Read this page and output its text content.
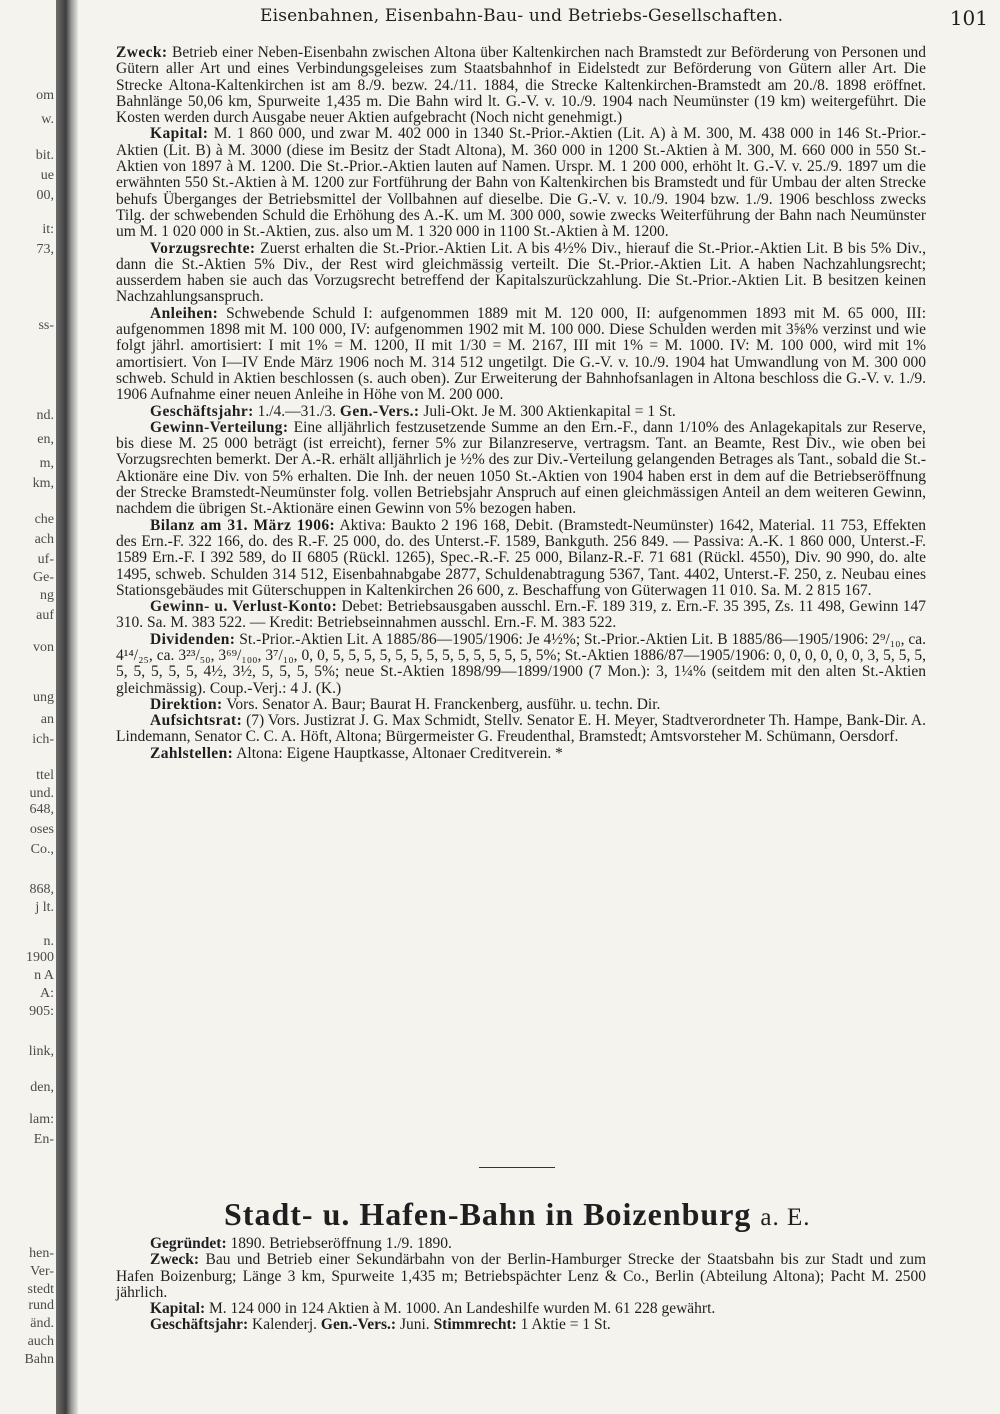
om
w.
bit.
ue
00,
it:
73,
ss-
nd.
en,
m,
km,
che
ach
uf-
Ge-
ng
auf
von
ung
an
ich-
ttel
und.
648,
oses
Co.,
868,
j lt.
n.
1900
n A
A:
905:
link,
den,
lam:
En-
hen-
Ver-
stedt
rund
änd.
auch
Bahn
Eisenbahnen, Eisenbahn-Bau- und Betriebs-Gesellschaften.	101

Zweck: Betrieb einer Neben-Eisenbahn zwischen Altona über Kaltenkirchen nach Bramstedt zur Beförderung von Personen und Gütern aller Art und eines Verbindungsgeleises zum Staatsbahnhof in Eidelstedt zur Beförderung von Gütern aller Art. Die Strecke Altona-Kaltenkirchen ist am 8./9. bezw. 24./11. 1884, die Strecke Kaltenkirchen-Bramstedt am 20./8. 1898 eröffnet. Bahnlänge 50,06 km, Spurweite 1,435 m. Die Bahn wird lt. G.-V. v. 10./9. 1904 nach Neumünster (19 km) weitergeführt. Die Kosten werden durch Ausgabe neuer Aktien aufgebracht (Noch nicht genehmigt.)

Kapital: M. 1 860 000, und zwar M. 402 000 in 1340 St.-Prior.-Aktien (Lit. A) à M. 300, M. 438 000 in 146 St.-Prior.-Aktien (Lit. B) à M. 3000 (diese im Besitz der Stadt Altona), M. 360 000 in 1200 St.-Aktien à M. 300, M. 660 000 in 550 St.-Aktien von 1897 à M. 1200. Die St.-Prior.-Aktien lauten auf Namen. Urspr. M. 1 200 000, erhöht lt. G.-V. v. 25./9. 1897 um die erwähnten 550 St.-Aktien à M. 1200 zur Fortführung der Bahn von Kaltenkirchen bis Bramstedt und für Umbau der alten Strecke behufs Überganges der Betriebsmittel der Vollbahnen auf dieselbe. Die G.-V. v. 10./9. 1904 bzw. 1./9. 1906 beschloss zwecks Tilg. der schwebenden Schuld die Erhöhung des A.-K. um M. 300 000, sowie zwecks Weiterführung der Bahn nach Neumünster um M. 1 020 000 in St.-Aktien, zus. also um M. 1 320 000 in 1100 St.-Aktien à M. 1200.

Vorzugsrechte: Zuerst erhalten die St.-Prior.-Aktien Lit. A bis 4½% Div., hierauf die St.-Prior.-Aktien Lit. B bis 5% Div., dann die St.-Aktien 5% Div., der Rest wird gleichmässig verteilt. Die St.-Prior.-Aktien Lit. A haben Nachzahlungsrecht; ausserdem haben sie auch das Vorzugsrecht betreffend der Kapitalszurückzahlung. Die St.-Prior.-Aktien Lit. B besitzen keinen Nachzahlungsanspruch.

Anleihen: Schwebende Schuld I: aufgenommen 1889 mit M. 120 000, II: aufgenommen 1893 mit M. 65 000, III: aufgenommen 1898 mit M. 100 000, IV: aufgenommen 1902 mit M. 100 000. Diese Schulden werden mit 3⅝% verzinst und wie folgt jährl. amortisiert: I mit 1% = M. 1200, II mit 1/30 = M. 2167, III mit 1% = M. 1000. IV: M. 100 000, wird mit 1% amortisiert. Von I—IV Ende März 1906 noch M. 314 512 ungetilgt. Die G.-V. v. 10./9. 1904 hat Umwandlung von M. 300 000 schweb. Schuld in Aktien beschlossen (s. auch oben). Zur Erweiterung der Bahnhofsanlagen in Altona beschloss die G.-V. v. 1./9. 1906 Aufnahme einer neuen Anleihe in Höhe von M. 200 000.

Geschäftsjahr: 1./4.—31./3. Gen.-Vers.: Juli-Okt. Je M. 300 Aktienkapital = 1 St.

Gewinn-Verteilung: Eine alljährlich festzusetzende Summe an den Ern.-F., dann 1/10% des Anlagekapitals zur Reserve, bis diese M. 25 000 beträgt (ist erreicht), ferner 5% zur Bilanzreserve, vertragsm. Tant. an Beamte, Rest Div., wie oben bei Vorzugsrechten bemerkt. Der A.-R. erhält alljährlich je ½% des zur Div.-Verteilung gelangenden Betrages als Tant., sobald die St.-Aktionäre eine Div. von 5% erhalten. Die Inh. der neuen 1050 St.-Aktien von 1904 haben erst in dem auf die Betriebseröffnung der Strecke Bramstedt-Neumünster folg. vollen Betriebsjahr Anspruch auf einen gleichmässigen Anteil an dem weiteren Gewinn, nachdem die übrigen St.-Aktionäre einen Gewinn von 5% bezogen haben.

Bilanz am 31. März 1906: Aktiva: Baukto 2 196 168, Debit. (Bramstedt-Neumünster) 1642, Material. 11 753, Effekten des Ern.-F. 322 166, do. des R.-F. 25 000, do. des Unterst.-F. 1589, Bankguth. 256 849. — Passiva: A.-K. 1 860 000, Unterst.-F. 1589 Ern.-F. I 392 589, do II 6805 (Rückl. 1265), Spec.-R.-F. 25 000, Bilanz-R.-F. 71 681 (Rückl. 4550), Div. 90 990, do. alte 1495, schweb. Schulden 314 512, Eisenbahnabgabe 2877, Schuldenabtragung 5367, Tant. 4402, Unterst.-F. 250, z. Neubau eines Stationsgebäudes mit Güterschuppen in Kaltenkirchen 26 600, z. Beschaffung von Güterwagen 11 010. Sa. M. 2 815 167.

Gewinn- u. Verlust-Konto: Debet: Betriebsausgaben ausschl. Ern.-F. 189 319, z. Ern.-F. 35 395, Zs. 11 498, Gewinn 147 310. Sa. M. 383 522. — Kredit: Betriebseinnahmen ausschl. Ern.-F. M. 383 522.

Dividenden: St.-Prior.-Aktien Lit. A 1885/86—1905/1906: Je 4½%; St.-Prior.-Aktien Lit. B 1885/86—1905/1906: 2⁹/₁₀, ca. 4¹⁴/₂₅, ca. 3²³/₅₀, 3⁶⁹/₁₀₀, 3⁷/₁₀, 0, 0, 5, 5, 5, 5, 5, 5, 5, 5, 5, 5, 5, 5, 5, 5%; St.-Aktien 1886/87—1905/1906: 0, 0, 0, 0, 0, 0, 3, 5, 5, 5, 5, 5, 5, 5, 5, 4½, 3½, 5, 5, 5, 5%; neue St.-Aktien 1898/99—1899/1900 (7 Mon.): 3, 1¼% (seitdem mit den alten St.-Aktien gleichmässig). Coup.-Verj.: 4 J. (K.)

Direktion: Vors. Senator A. Baur; Baurat H. Franckenberg, ausführ. u. techn. Dir.

Aufsichtsrat: (7) Vors. Justizrat J. G. Max Schmidt, Stellv. Senator E. H. Meyer, Stadtverordneter Th. Hampe, Bank-Dir. A. Lindemann, Senator C. C. A. Höft, Altona; Bürgermeister G. Freudenthal, Bramstedt; Amtsvorsteher M. Schümann, Oersdorf.

Zahlstellen: Altona: Eigene Hauptkasse, Altonaer Creditverein. *

Stadt- u. Hafen-Bahn in Boizenburg a. E.

Gegründet: 1890. Betriebseröffnung 1./9. 1890.

Zweck: Bau und Betrieb einer Sekundärbahn von der Berlin-Hamburger Strecke der Staatsbahn bis zur Stadt und zum Hafen Boizenburg; Länge 3 km, Spurweite 1,435 m; Betriebspächter Lenz & Co., Berlin (Abteilung Altona); Pacht M. 2500 jährlich.

Kapital: M. 124 000 in 124 Aktien à M. 1000. An Landeshilfe wurden M. 61 228 gewährt.

Geschäftsjahr: Kalenderj. Gen.-Vers.: Juni. Stimmrecht: 1 Aktie = 1 St.
